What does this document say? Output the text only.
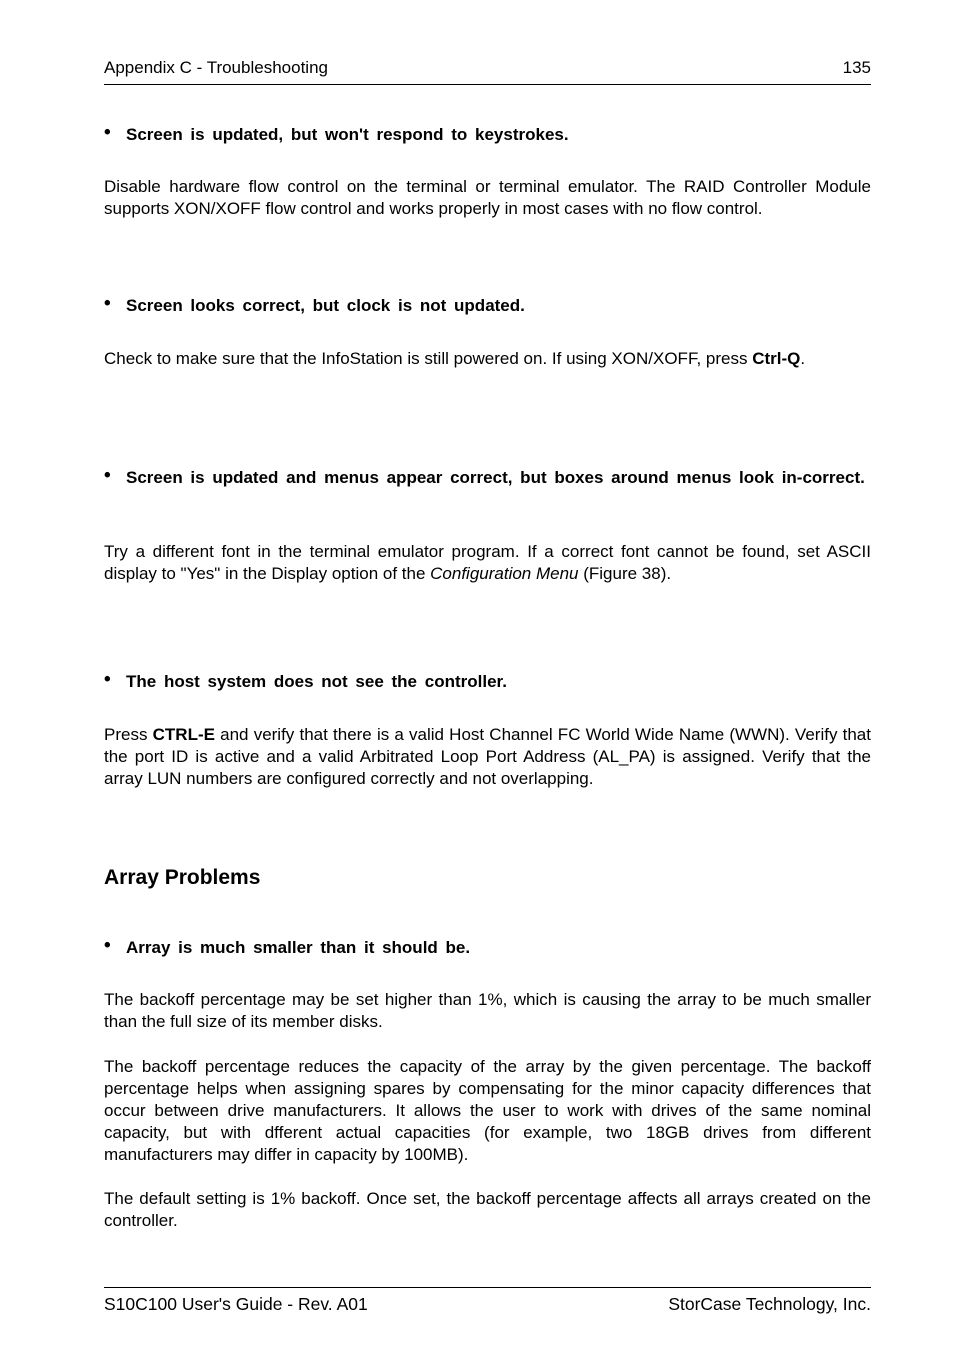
Appendix C - Troubleshooting	135
• Screen is updated, but won't respond to keystrokes.
Disable hardware flow control on the terminal or terminal emulator. The RAID Controller Module supports XON/XOFF flow control and works properly in most cases with no flow control.
• Screen looks correct, but clock is not updated.
Check to make sure that the InfoStation is still powered on. If using XON/XOFF, press Ctrl-Q.
• Screen is updated and menus appear correct, but boxes around menus look in-correct.
Try a different font in the terminal emulator program. If a correct font cannot be found, set ASCII display to "Yes" in the Display option of the Configuration Menu (Figure 38).
• The host system does not see the controller.
Press CTRL-E and verify that there is a valid Host Channel FC World Wide Name (WWN). Verify that the port ID is active and a valid Arbitrated Loop Port Address (AL_PA) is assigned. Verify that the array LUN numbers are configured correctly and not overlapping.
Array Problems
• Array is much smaller than it should be.
The backoff percentage may be set higher than 1%, which is causing the array to be much smaller than the full size of its member disks.
The backoff percentage reduces the capacity of the array by the given percentage. The backoff percentage helps when assigning spares by compensating for the minor capacity differences that occur between drive manufacturers. It allows the user to work with drives of the same nominal capacity, but with dfferent actual capacities (for example, two 18GB drives from different manufacturers may differ in capacity by 100MB).
The default setting is 1% backoff. Once set, the backoff percentage affects all arrays created on the controller.
S10C100 User's Guide - Rev. A01	StorCase Technology, Inc.
